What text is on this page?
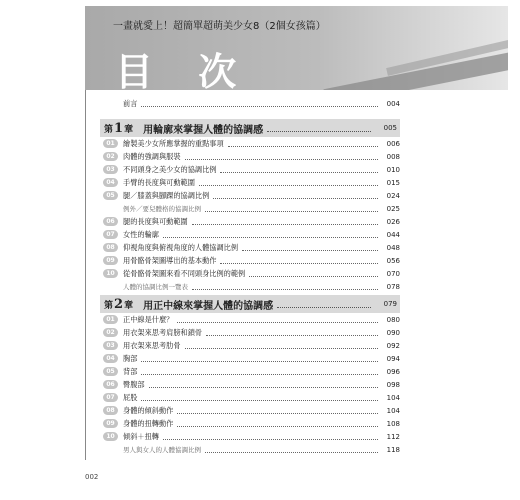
一畫就愛上！超簡單超萌美少女8（2個女孩篇）
目 次
前言	004
第1章 用輪廓來掌握人體的協調感	005
01	繪製美少女所應掌握的重點事項	006
02	肉體的強調與服裝	008
03	不同頭身之美少女的協調比例	010
04	手臂的長度與可動範圍	015
05	腿／膝蓋與腳踝的協調比例	024
例外／要兒體格的協調比例	025
06	腿的長度與可動範圍	026
07	女性的輪廓	044
08	仰視角度與俯視角度的人體協調比例	048
09	用骨骼骨架圖導出的基本動作	056
10	從骨骼骨架圖來看不同頭身比例的範例	070
人體的協調比例一覽表	078
第2章 用正中線來掌握人體的協調感	079
01	正中線是什麼？	080
02	用衣架來思考肩膀和鎖骨	090
03	用衣架來思考肋骨	092
04	胸部	094
05	背部	096
06	臀腹部	098
07	屁股	104
08	身體的傾斜動作	104
09	身體的扭轉動作	108
10	傾斜＋扭轉	112
男人與女人的人體協調比例	118
002
